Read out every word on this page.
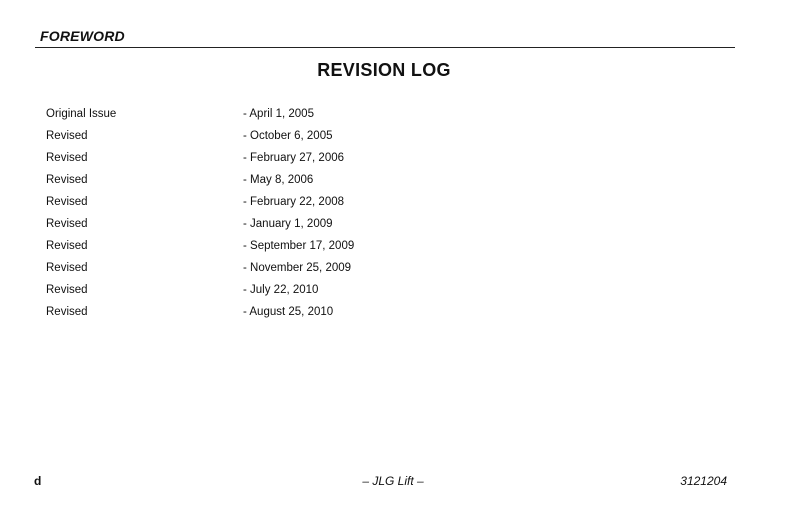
FOREWORD
REVISION LOG
Original Issue	- April 1, 2005
Revised	- October 6, 2005
Revised	- February 27, 2006
Revised	- May 8, 2006
Revised	- February 22, 2008
Revised	- January 1, 2009
Revised	- September 17, 2009
Revised	- November 25, 2009
Revised	- July 22, 2010
Revised	- August 25, 2010
d	– JLG Lift –	3121204
